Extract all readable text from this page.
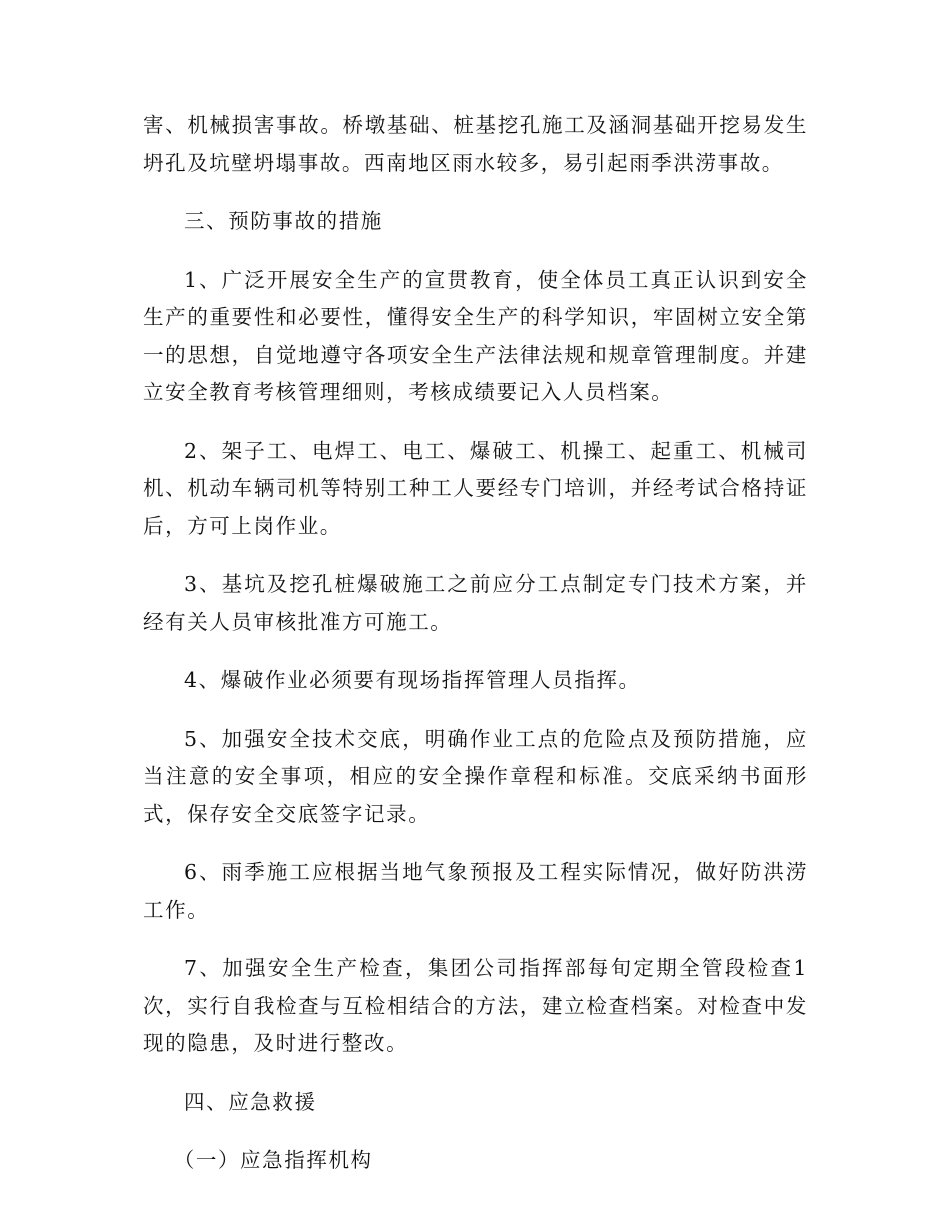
害、机械损害事故。桥墩基础、桩基挖孔施工及涵洞基础开挖易发生坍孔及坑壁坍塌事故。西南地区雨水较多，易引起雨季洪涝事故。

三、预防事故的措施

1、广泛开展安全生产的宣贯教育，使全体员工真正认识到安全生产的重要性和必要性，懂得安全生产的科学知识，牢固树立安全第一的思想，自觉地遵守各项安全生产法律法规和规章管理制度。并建立安全教育考核管理细则，考核成绩要记入人员档案。

2、架子工、电焊工、电工、爆破工、机操工、起重工、机械司机、机动车辆司机等特别工种工人要经专门培训，并经考试合格持证后，方可上岗作业。

3、基坑及挖孔桩爆破施工之前应分工点制定专门技术方案，并经有关人员审核批准方可施工。

4、爆破作业必须要有现场指挥管理人员指挥。

5、加强安全技术交底，明确作业工点的危险点及预防措施，应当注意的安全事项，相应的安全操作章程和标准。交底采纳书面形式，保存安全交底签字记录。

6、雨季施工应根据当地气象预报及工程实际情况，做好防洪涝工作。

7、加强安全生产检查，集团公司指挥部每旬定期全管段检查1次，实行自我检查与互检相结合的方法，建立检查档案。对检查中发现的隐患，及时进行整改。

四、应急救援

（一）应急指挥机构
